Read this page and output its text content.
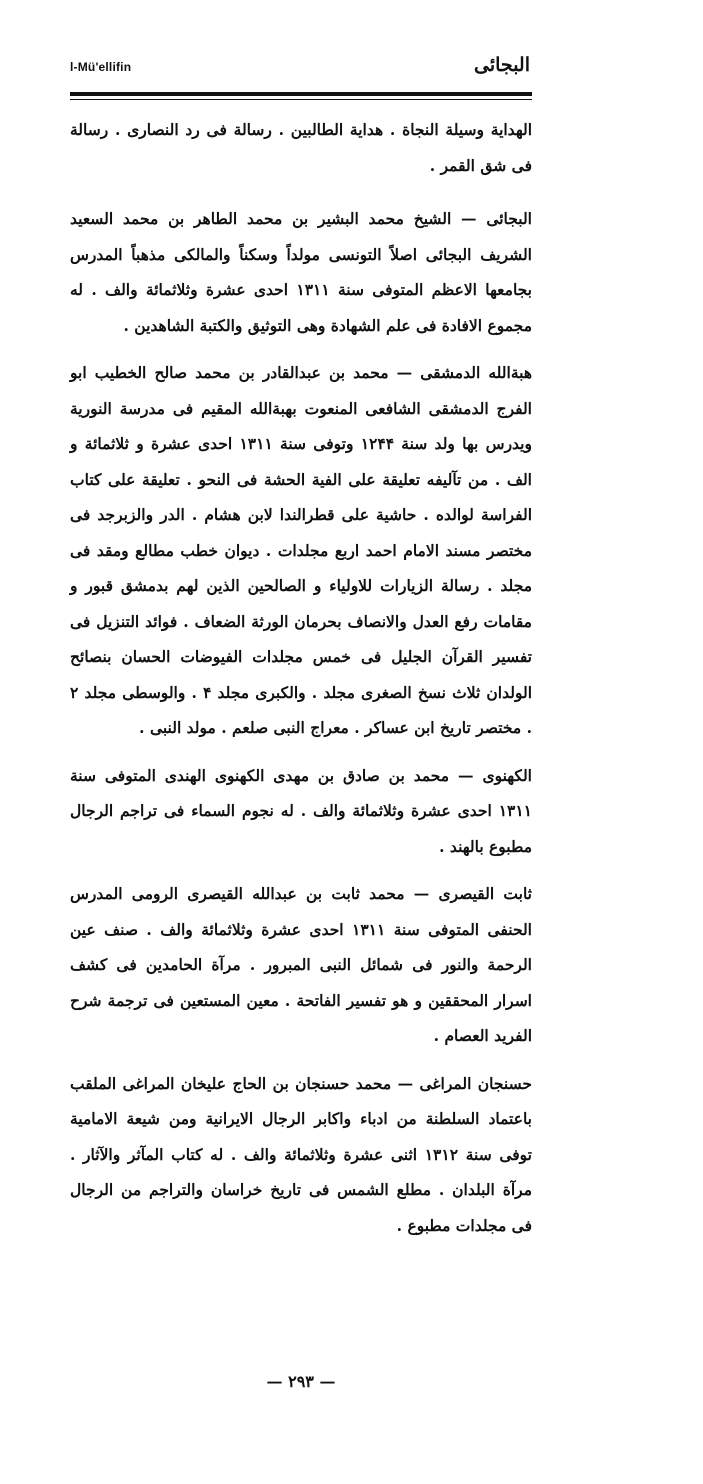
l-Mü'ellifin	البجائی

الهدایة وسیلة النجاة . هدایة الطالبین . رسالة فی رد النصاری . رسالة فی شق القمر .

البجائی — الشیخ محمد البشیر بن محمد الطاهر بن محمد السعید الشریف البجائی اصلاً التونسی مولداً وسکناً والمالکی مذهباً المدرس بجامعها الاعظم المتوفی سنة ۱۳۱۱ احدی عشرة وثلاثمائة والف . له مجموع الافادة فی علم الشهادة وهی التوثیق والکتبة الشاهدین .

هبةالله الدمشقی — محمد بن عبدالقادر بن محمد صالح الخطیب ابو الفرج الدمشقی الشافعی المنعوت بهبةالله المقیم فی مدرسة النوریة ویدرس بها ولد سنة ۱۲۴۴ وتوفی سنة ۱۳۱۱ احدی عشرة و ثلاثمائة و الف . من تآلیفه تعلیقة علی الفیة الحشة فی النحو . تعلیقة علی کتاب الفراسة لوالده . حاشیة علی قطرالندا لابن هشام . الدر والزبرجد فی مختصر مسند الامام احمد اربع مجلدات . دیوان خطب مطالع ومقد فی مجلد . رسالة الزیارات للاولیاء و الصالحین الذین لهم بدمشق قبور و مقامات رفع العدل والانصاف بحرمان الورثة الضعاف . فوائد التنزیل فی تفسیر القرآن الجلیل فی خمس مجلدات الفیوضات الحسان بنصائح الولدان ثلاث نسخ الصغری مجلد . والکبری مجلد ۴ . والوسطی مجلد ۲ . مختصر تاریخ ابن عساکر . معراج النبی صلعم . مولد النبی .

الکهنوی — محمد بن صادق بن مهدی الکهنوی الهندی المتوفی سنة ۱۳۱۱ احدی عشرة وثلاثمائة والف . له نجوم السماء فی تراجم الرجال مطبوع بالهند .

ثابت القیصری — محمد ثابت بن عبدالله القیصری الرومی المدرس الحنفی المتوفی سنة ۱۳۱۱ احدی عشرة وثلاثمائة والف . صنف عین الرحمة والنور فی شمائل النبی المبرور . مرآة الحامدین فی کشف اسرار المحققین و هو تفسیر الفاتحة . معین المستعین فی ترجمة شرح الفرید العصام .

حسنجان المراغی — محمد حسنجان بن الحاج علیخان المراغی الملقب باعتماد السلطنة من ادباء واکابر الرجال الایرانیة ومن شیعة الامامیة توفی سنة ۱۳۱۲ اثنی عشرة وثلاثمائة والف . له کتاب المآثر والآثار . مرآة البلدان . مطلع الشمس فی تاریخ خراسان والتراجم من الرجال فی مجلدات مطبوع .

— ۲۹۳ —
